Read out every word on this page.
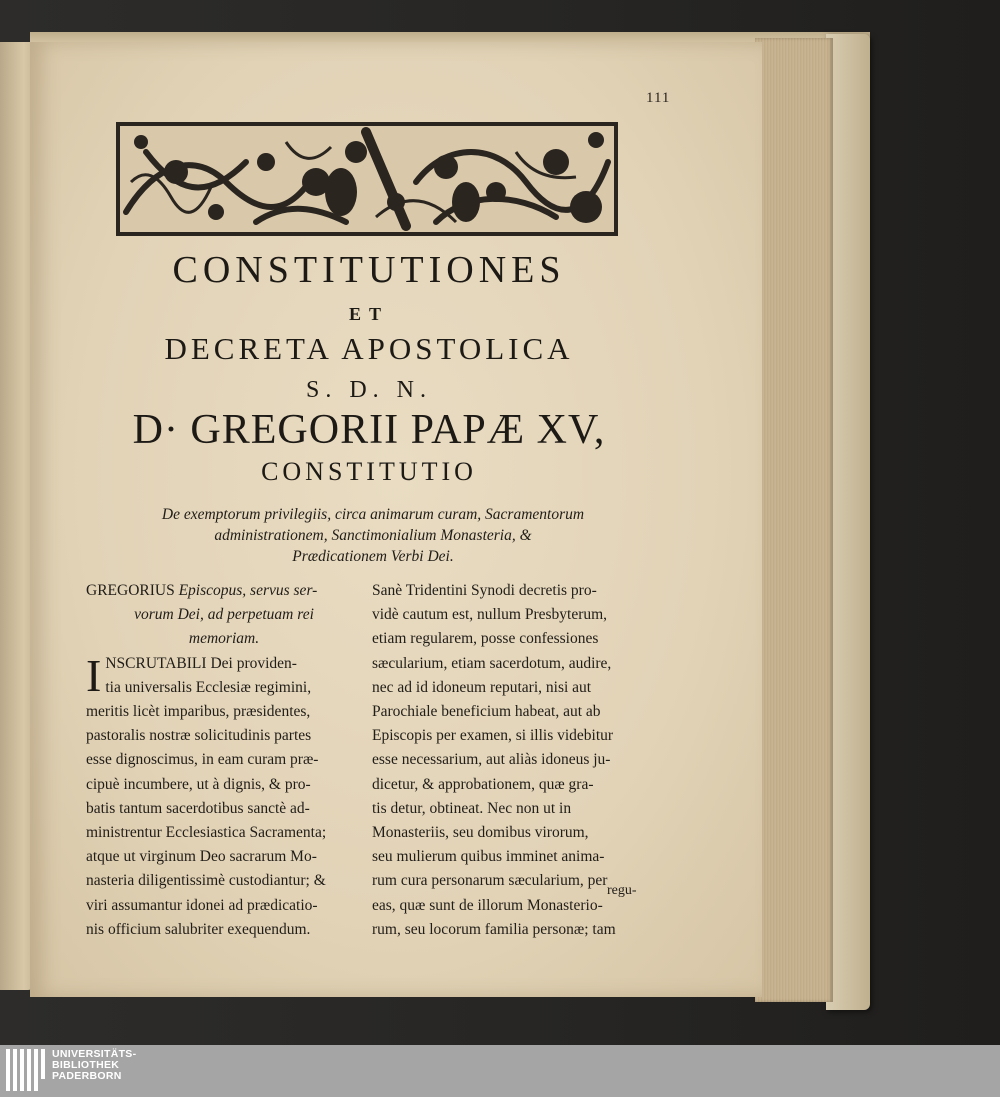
111
CONSTITUTIONES
ET
DECRETA APOSTOLICA
S. D. N.
D· GREGORII PAPÆ XV,
CONSTITUTIO
De exemptorum privilegiis, circa animarum curam, Sacramentorum
administrationem, Sanctimonialium Monasteria, &
Prædicationem Verbi Dei.
GREGORIUS Episcopus, servus ser-
vorum Dei, ad perpetuam rei
memoriam.
I NSCRUTABILI Dei providen-
tia universalis Ecclesiæ regimini,
meritis licèt imparibus, præsidentes,
pastoralis nostræ solicitudinis partes
esse dignoscimus, in eam curam præ-
cipuè incumbere, ut à dignis, & pro-
batis tantum sacerdotibus sanctè ad-
ministrentur Ecclesiastica Sacramenta;
atque ut virginum Deo sacrarum Mo-
nasteria diligentissimè custodiantur; &
viri assumantur idonei ad prædicatio-
nis officium salubriter exequendum.
Sanè Tridentini Synodi decretis pro-
vidè cautum est, nullum Presbyterum,
etiam regularem, posse confessiones
sæcularium, etiam sacerdotum, audire,
nec ad id idoneum reputari, nisi aut
Parochiale beneficium habeat, aut ab
Episcopis per examen, si illis videbitur
esse necessarium, aut aliàs idoneus ju-
dicetur, & approbationem, quæ gra-
tis detur, obtineat. Nec non ut in
Monasteriis, seu domibus virorum,
seu mulierum quibus imminet anima-
rum cura personarum sæcularium, per
eas, quæ sunt de illorum Monasterio-
rum, seu locorum familia personæ; tam
regu-
UNIVERSITÄTS-
BIBLIOTHEK
PADERBORN
